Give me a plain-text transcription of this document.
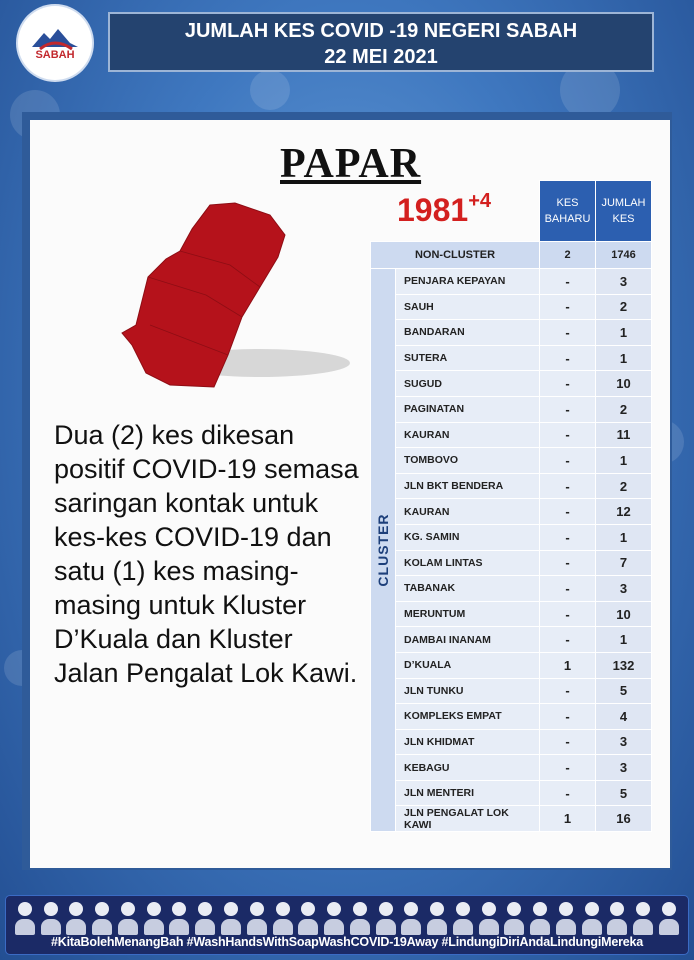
SABAH
JUMLAH KES COVID -19 NEGERI SABAH
22 MEI 2021
PAPAR
$1981^{+4}$

Dua (2) kes dikesan positif COVID-19 semasa saringan kontak untuk kes-kes COVID-19 dan satu (1) kes masing-masing untuk Kluster D’Kuala dan Kluster Jalan Pengalat Lok Kawi.

		KES BAHARU	JUMLAH KES
NON-CLUSTER		2	1746

CLUSTER	PENJARA KEPAYAN	-	3
	SAUH	-	2
	BANDARAN	-	1
	SUTERA	-	1
	SUGUD	-	10
	PAGINATAN	-	2
	KAURAN	-	11
	TOMBOVO	-	1
	JLN BKT BENDERA	-	2
	KAURAN	-	12
	KG. SAMIN	-	1
	KOLAM LINTAS	-	7
	TABANAK	-	3
	MERUNTUM	-	10
	DAMBAI INANAM	-	1
	D’KUALA	1	132
	JLN TUNKU	-	5
	KOMPLEKS EMPAT	-	4
	JLN KHIDMAT	-	3
	KEBAGU	-	3
	JLN MENTERI	-	5
	JLN PENGALAT LOK KAWI	1	16
#KitaBolehMenangBah #WashHandsWithSoapWashCOVID-19Away #LindungiDiriAndaLindungiMereka
